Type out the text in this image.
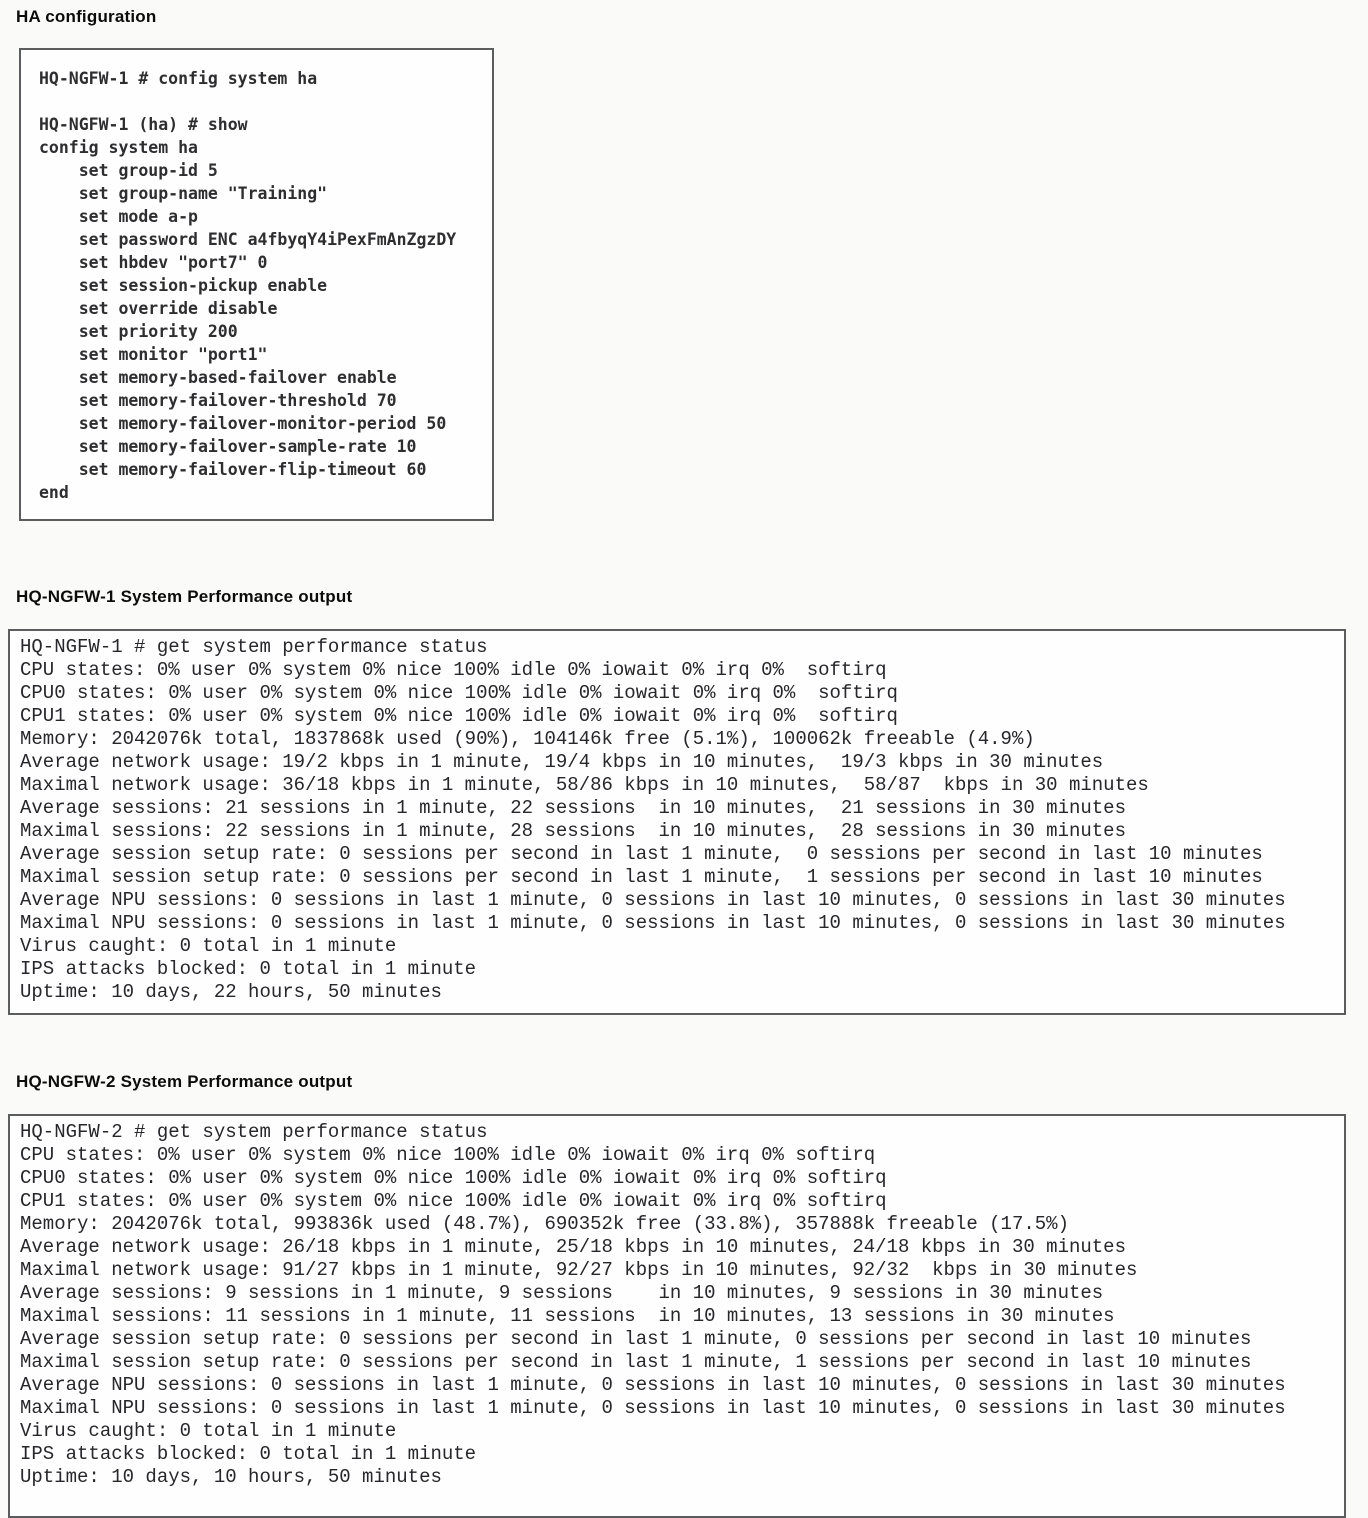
HA configuration
HQ-NGFW-1 # config system ha

HQ-NGFW-1 (ha) # show
config system ha
set group-id 5
set group-name "Training"
set mode a-p
set password ENC a4fbyqY4iPexFmAnZgzDY
set hbdev "port7" 0
set session-pickup enable
set override disable
set priority 200
set monitor "port1"
set memory-based-failover enable
set memory-failover-threshold 70
set memory-failover-monitor-period 50
set memory-failover-sample-rate 10
set memory-failover-flip-timeout 60
end
HQ-NGFW-1 System Performance output
HQ-NGFW-1 # get system performance status
CPU states: 0% user 0% system 0% nice 100% idle 0% iowait 0% irq 0%  softirq
CPU0 states: 0% user 0% system 0% nice 100% idle 0% iowait 0% irq 0%  softirq
CPU1 states: 0% user 0% system 0% nice 100% idle 0% iowait 0% irq 0%  softirq
Memory: 2042076k total, 1837868k used (90%), 104146k free (5.1%), 100062k freeable (4.9%)
Average network usage: 19/2 kbps in 1 minute, 19/4 kbps in 10 minutes,  19/3 kbps in 30 minutes
Maximal network usage: 36/18 kbps in 1 minute, 58/86 kbps in 10 minutes,  58/87  kbps in 30 minutes
Average sessions: 21 sessions in 1 minute, 22 sessions  in 10 minutes,  21 sessions in 30 minutes
Maximal sessions: 22 sessions in 1 minute, 28 sessions  in 10 minutes,  28 sessions in 30 minutes
Average session setup rate: 0 sessions per second in last 1 minute,  0 sessions per second in last 10 minutes
Maximal session setup rate: 0 sessions per second in last 1 minute,  1 sessions per second in last 10 minutes
Average NPU sessions: 0 sessions in last 1 minute, 0 sessions in last 10 minutes, 0 sessions in last 30 minutes
Maximal NPU sessions: 0 sessions in last 1 minute, 0 sessions in last 10 minutes, 0 sessions in last 30 minutes
Virus caught: 0 total in 1 minute
IPS attacks blocked: 0 total in 1 minute
Uptime: 10 days, 22 hours, 50 minutes
HQ-NGFW-2 System Performance output
HQ-NGFW-2 # get system performance status
CPU states: 0% user 0% system 0% nice 100% idle 0% iowait 0% irq 0% softirq
CPU0 states: 0% user 0% system 0% nice 100% idle 0% iowait 0% irq 0% softirq
CPU1 states: 0% user 0% system 0% nice 100% idle 0% iowait 0% irq 0% softirq
Memory: 2042076k total, 993836k used (48.7%), 690352k free (33.8%), 357888k freeable (17.5%)
Average network usage: 26/18 kbps in 1 minute, 25/18 kbps in 10 minutes, 24/18 kbps in 30 minutes
Maximal network usage: 91/27 kbps in 1 minute, 92/27 kbps in 10 minutes, 92/32  kbps in 30 minutes
Average sessions: 9 sessions in 1 minute, 9 sessions    in 10 minutes, 9 sessions in 30 minutes
Maximal sessions: 11 sessions in 1 minute, 11 sessions  in 10 minutes, 13 sessions in 30 minutes
Average session setup rate: 0 sessions per second in last 1 minute, 0 sessions per second in last 10 minutes
Maximal session setup rate: 0 sessions per second in last 1 minute, 1 sessions per second in last 10 minutes
Average NPU sessions: 0 sessions in last 1 minute, 0 sessions in last 10 minutes, 0 sessions in last 30 minutes
Maximal NPU sessions: 0 sessions in last 1 minute, 0 sessions in last 10 minutes, 0 sessions in last 30 minutes
Virus caught: 0 total in 1 minute
IPS attacks blocked: 0 total in 1 minute
Uptime: 10 days, 10 hours, 50 minutes
